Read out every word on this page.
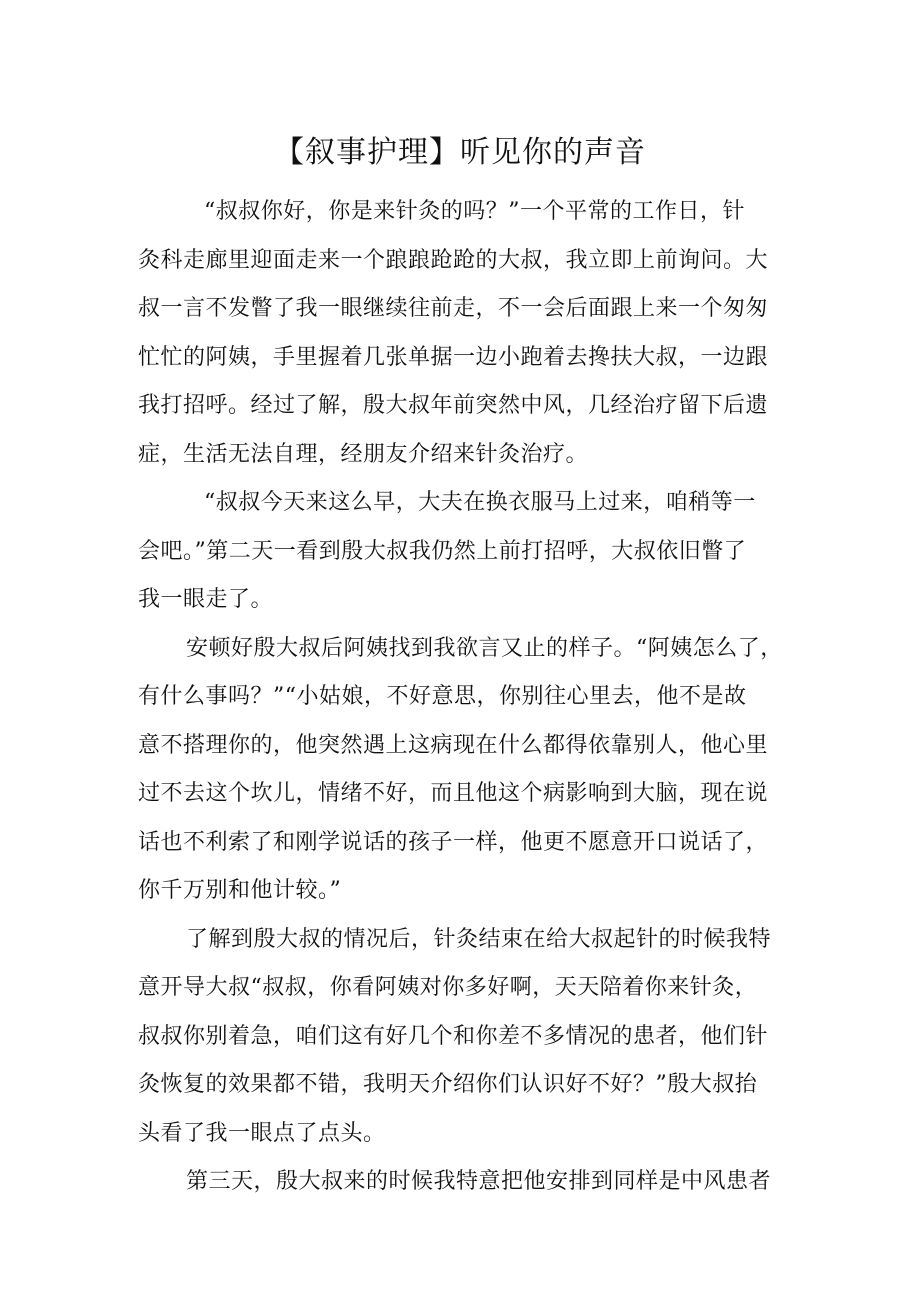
【叙事护理】听见你的声音

“叔叔你好，你是来针灸的吗？”一个平常的工作日，针
灸科走廊里迎面走来一个踉踉跄跄的大叔，我立即上前询问。大
叔一言不发瞥了我一眼继续往前走，不一会后面跟上来一个匆匆
忙忙的阿姨，手里握着几张单据一边小跑着去搀扶大叔，一边跟
我打招呼。经过了解，殷大叔年前突然中风，几经治疗留下后遗
症，生活无法自理，经朋友介绍来针灸治疗。

“叔叔今天来这么早，大夫在换衣服马上过来，咱稍等一
会吧。”第二天一看到殷大叔我仍然上前打招呼，大叔依旧瞥了
我一眼走了。

安顿好殷大叔后阿姨找到我欲言又止的样子。“阿姨怎么了，
有什么事吗？”“小姑娘，不好意思，你别往心里去，他不是故
意不搭理你的，他突然遇上这病现在什么都得依靠别人，他心里
过不去这个坎儿，情绪不好，而且他这个病影响到大脑，现在说
话也不利索了和刚学说话的孩子一样，他更不愿意开口说话了，
你千万别和他计较。”

了解到殷大叔的情况后，针灸结束在给大叔起针的时候我特
意开导大叔“叔叔，你看阿姨对你多好啊，天天陪着你来针灸，
叔叔你别着急，咱们这有好几个和你差不多情况的患者，他们针
灸恢复的效果都不错，我明天介绍你们认识好不好？”殷大叔抬
头看了我一眼点了点头。

第三天，殷大叔来的时候我特意把他安排到同样是中风患者
